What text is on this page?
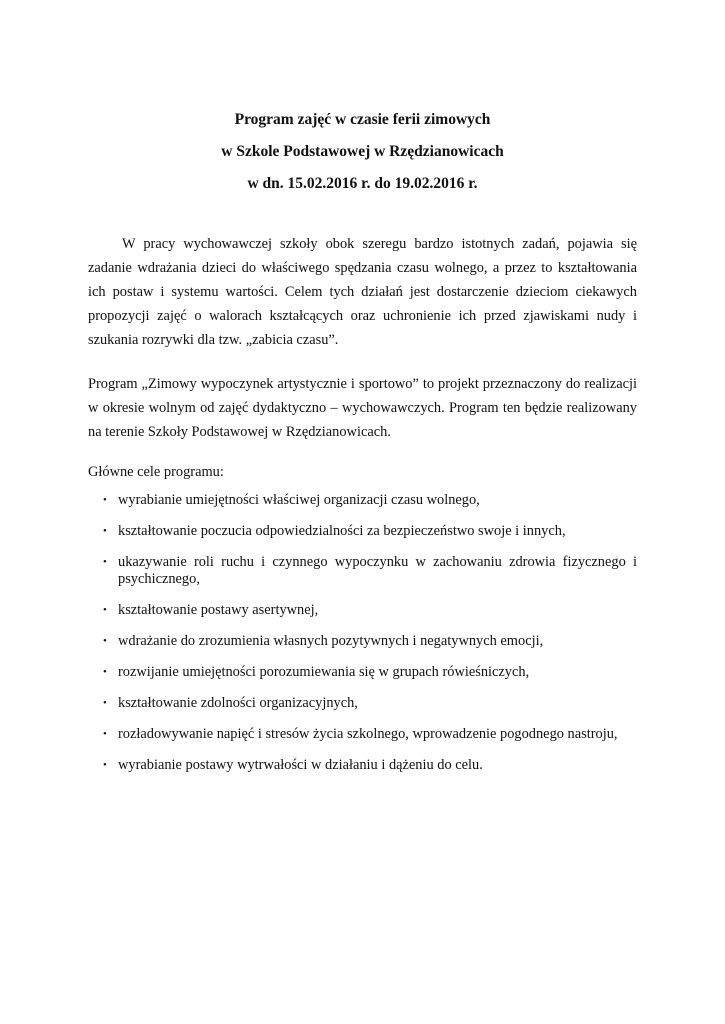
Program zajęć w czasie ferii zimowych

w Szkole Podstawowej w Rzędzianowicach

w dn. 15.02.2016 r. do 19.02.2016 r.

W pracy wychowawczej szkoły obok szeregu bardzo istotnych zadań, pojawia się zadanie wdrażania dzieci do właściwego spędzania czasu wolnego, a przez to kształtowania ich postaw i systemu wartości. Celem tych działań jest dostarczenie dzieciom ciekawych propozycji zajęć o walorach kształcących oraz uchronienie ich przed zjawiskami nudy i szukania rozrywki dla tzw. „zabicia czasu”.

Program „Zimowy wypoczynek artystycznie i sportowo” to projekt przeznaczony do realizacji w okresie wolnym od zajęć dydaktyczno – wychowawczych. Program ten będzie realizowany na terenie Szkoły Podstawowej w Rzędzianowicach.

Główne cele programu:

• wyrabianie umiejętności właściwej organizacji czasu wolnego,
• kształtowanie poczucia odpowiedzialności za bezpieczeństwo swoje i innych,
• ukazywanie roli ruchu i czynnego wypoczynku w zachowaniu zdrowia fizycznego i psychicznego,
• kształtowanie postawy asertywnej,
• wdrażanie do zrozumienia własnych pozytywnych i negatywnych emocji,
• rozwijanie umiejętności porozumiewania się w grupach rówieśniczych,
• kształtowanie zdolności organizacyjnych,
• rozładowywanie napięć i stresów życia szkolnego, wprowadzenie pogodnego nastroju,
• wyrabianie postawy wytrwałości w działaniu i dążeniu do celu.
